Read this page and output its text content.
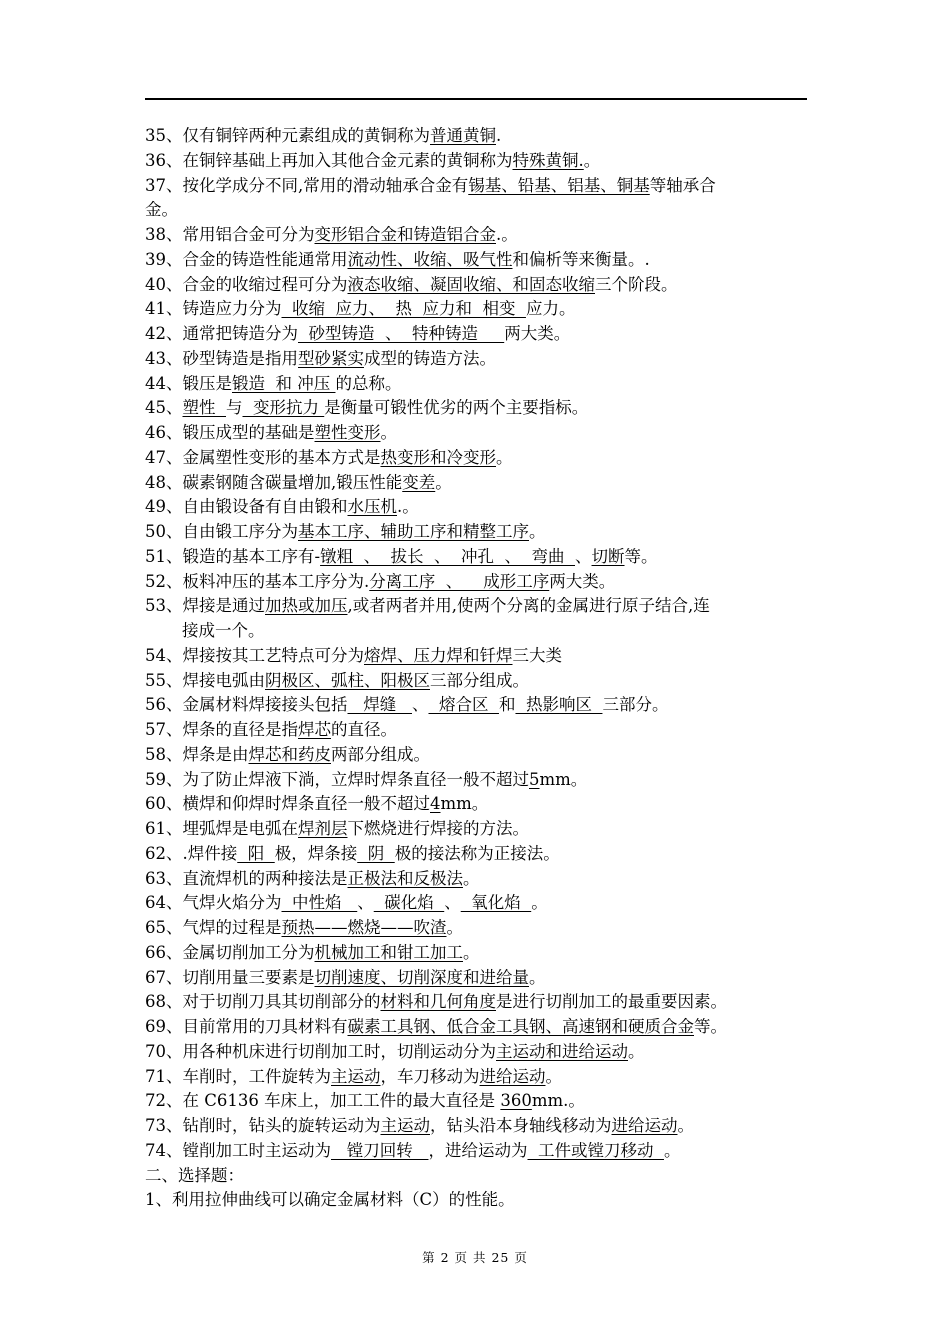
35、仅有铜锌两种元素组成的黄铜称为普通黄铜.
36、在铜锌基础上再加入其他合金元素的黄铜称为特殊黄铜.。
37、按化学成分不同,常用的滑动轴承合金有锡基、铅基、铝基、铜基等轴承合
金。
38、常用铝合金可分为变形铝合金和铸造铝合金.。
39、合金的铸造性能通常用流动性、收缩、吸气性和偏析等来衡量。.
40、合金的收缩过程可分为液态收缩、凝固收缩、和固态收缩三个阶段。
41、铸造应力分为  收缩  应力、  热  应力和  相变  应力。
42、通常把铸造分为  砂型铸造  、  特种铸造     两大类。
43、砂型铸造是指用型砂紧实成型的铸造方法。
44、锻压是锻造  和 冲压 的总称。
45、塑性  与  变形抗力 是衡量可锻性优劣的两个主要指标。
46、锻压成型的基础是塑性变形。
47、金属塑性变形的基本方式是热变形和冷变形。
48、碳素钢随含碳量增加,锻压性能变差。
49、自由锻设备有自由锻和水压机.。
50、自由锻工序分为基本工序、辅助工序和精整工序。
51、锻造的基本工序有-镦粗  、  拔长  、  冲孔  、  弯曲  、切断等。
52、板料冲压的基本工序分为.分离工序  、    成形工序两大类。
53、焊接是通过加热或加压,或者两者并用,使两个分离的金属进行原子结合,连
接成一个。
54、焊接按其工艺特点可分为熔焊、压力焊和钎焊三大类
55、焊接电弧由阴极区、弧柱、阳极区三部分组成。
56、金属材料焊接接头包括   焊缝   、  熔合区  和  热影响区  三部分。
57、焊条的直径是指焊芯的直径。
58、焊条是由焊芯和药皮两部分组成。
59、为了防止焊液下淌，立焊时焊条直径一般不超过5mm。
60、横焊和仰焊时焊条直径一般不超过4mm。
61、埋弧焊是电弧在焊剂层下燃烧进行焊接的方法。
62、.焊件接  阳  极，焊条接  阴  极的接法称为正接法。
63、直流焊机的两种接法是正极法和反极法。
64、气焊火焰分为  中性焰   、  碳化焰  、  氧化焰  。
65、气焊的过程是预热——燃烧——吹渣。
66、金属切削加工分为机械加工和钳工加工。
67、切削用量三要素是切削速度、切削深度和进给量。
68、对于切削刀具其切削部分的材料和几何角度是进行切削加工的最重要因素。
69、目前常用的刀具材料有碳素工具钢、低合金工具钢、高速钢和硬质合金等。
70、用各种机床进行切削加工时，切削运动分为主运动和进给运动。
71、车削时，工件旋转为主运动，车刀移动为进给运动。
72、在 C6136 车床上，加工工件的最大直径是 360mm.。
73、钻削时，钻头的旋转运动为主运动，钻头沿本身轴线移动为进给运动。
74、镗削加工时主运动为   镗刀回转   ，进给运动为  工件或镗刀移动  。
二、选择题：
1、利用拉伸曲线可以确定金属材料（C）的性能。
第 2 页 共 25 页
